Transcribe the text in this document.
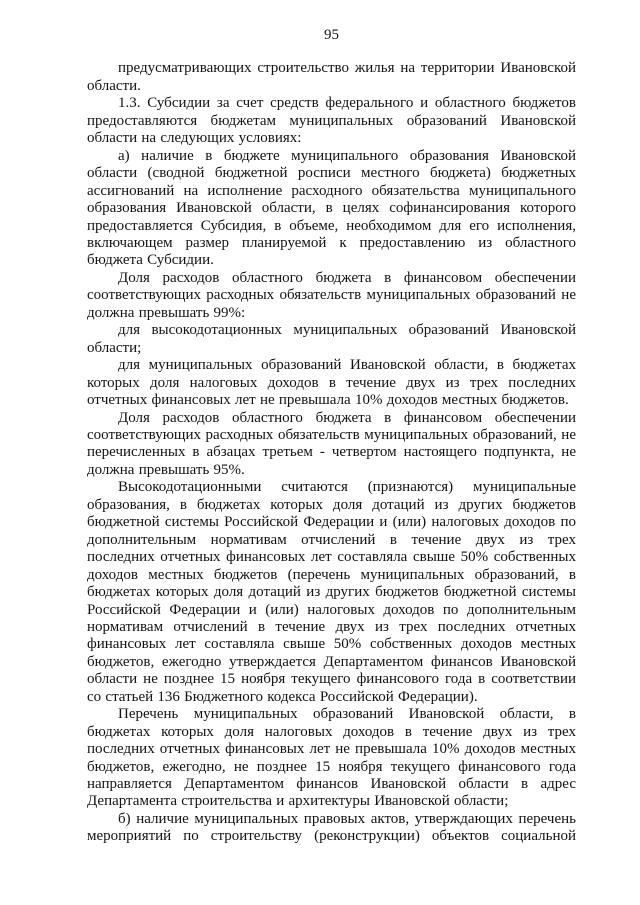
95

предусматривающих строительство жилья на территории Ивановской области.

1.3. Субсидии за счет средств федерального и областного бюджетов предоставляются бюджетам муниципальных образований Ивановской области на следующих условиях:

а) наличие в бюджете муниципального образования Ивановской области (сводной бюджетной росписи местного бюджета) бюджетных ассигнований на исполнение расходного обязательства муниципального образования Ивановской области, в целях софинансирования которого предоставляется Субсидия, в объеме, необходимом для его исполнения, включающем размер планируемой к предоставлению из областного бюджета Субсидии.

Доля расходов областного бюджета в финансовом обеспечении соответствующих расходных обязательств муниципальных образований не должна превышать 99%:

для высокодотационных муниципальных образований Ивановской области;

для муниципальных образований Ивановской области, в бюджетах которых доля налоговых доходов в течение двух из трех последних отчетных финансовых лет не превышала 10% доходов местных бюджетов.

Доля расходов областного бюджета в финансовом обеспечении соответствующих расходных обязательств муниципальных образований, не перечисленных в абзацах третьем - четвертом настоящего подпункта, не должна превышать 95%.

Высокодотационными считаются (признаются) муниципальные образования, в бюджетах которых доля дотаций из других бюджетов бюджетной системы Российской Федерации и (или) налоговых доходов по дополнительным нормативам отчислений в течение двух из трех последних отчетных финансовых лет составляла свыше 50% собственных доходов местных бюджетов (перечень муниципальных образований, в бюджетах которых доля дотаций из других бюджетов бюджетной системы Российской Федерации и (или) налоговых доходов по дополнительным нормативам отчислений в течение двух из трех последних отчетных финансовых лет составляла свыше 50% собственных доходов местных бюджетов, ежегодно утверждается Департаментом финансов Ивановской области не позднее 15 ноября текущего финансового года в соответствии со статьей 136 Бюджетного кодекса Российской Федерации).

Перечень муниципальных образований Ивановской области, в бюджетах которых доля налоговых доходов в течение двух из трех последних отчетных финансовых лет не превышала 10% доходов местных бюджетов, ежегодно, не позднее 15 ноября текущего финансового года направляется Департаментом финансов Ивановской области в адрес Департамента строительства и архитектуры Ивановской области;

б) наличие муниципальных правовых актов, утверждающих перечень мероприятий по строительству (реконструкции) объектов социальной
